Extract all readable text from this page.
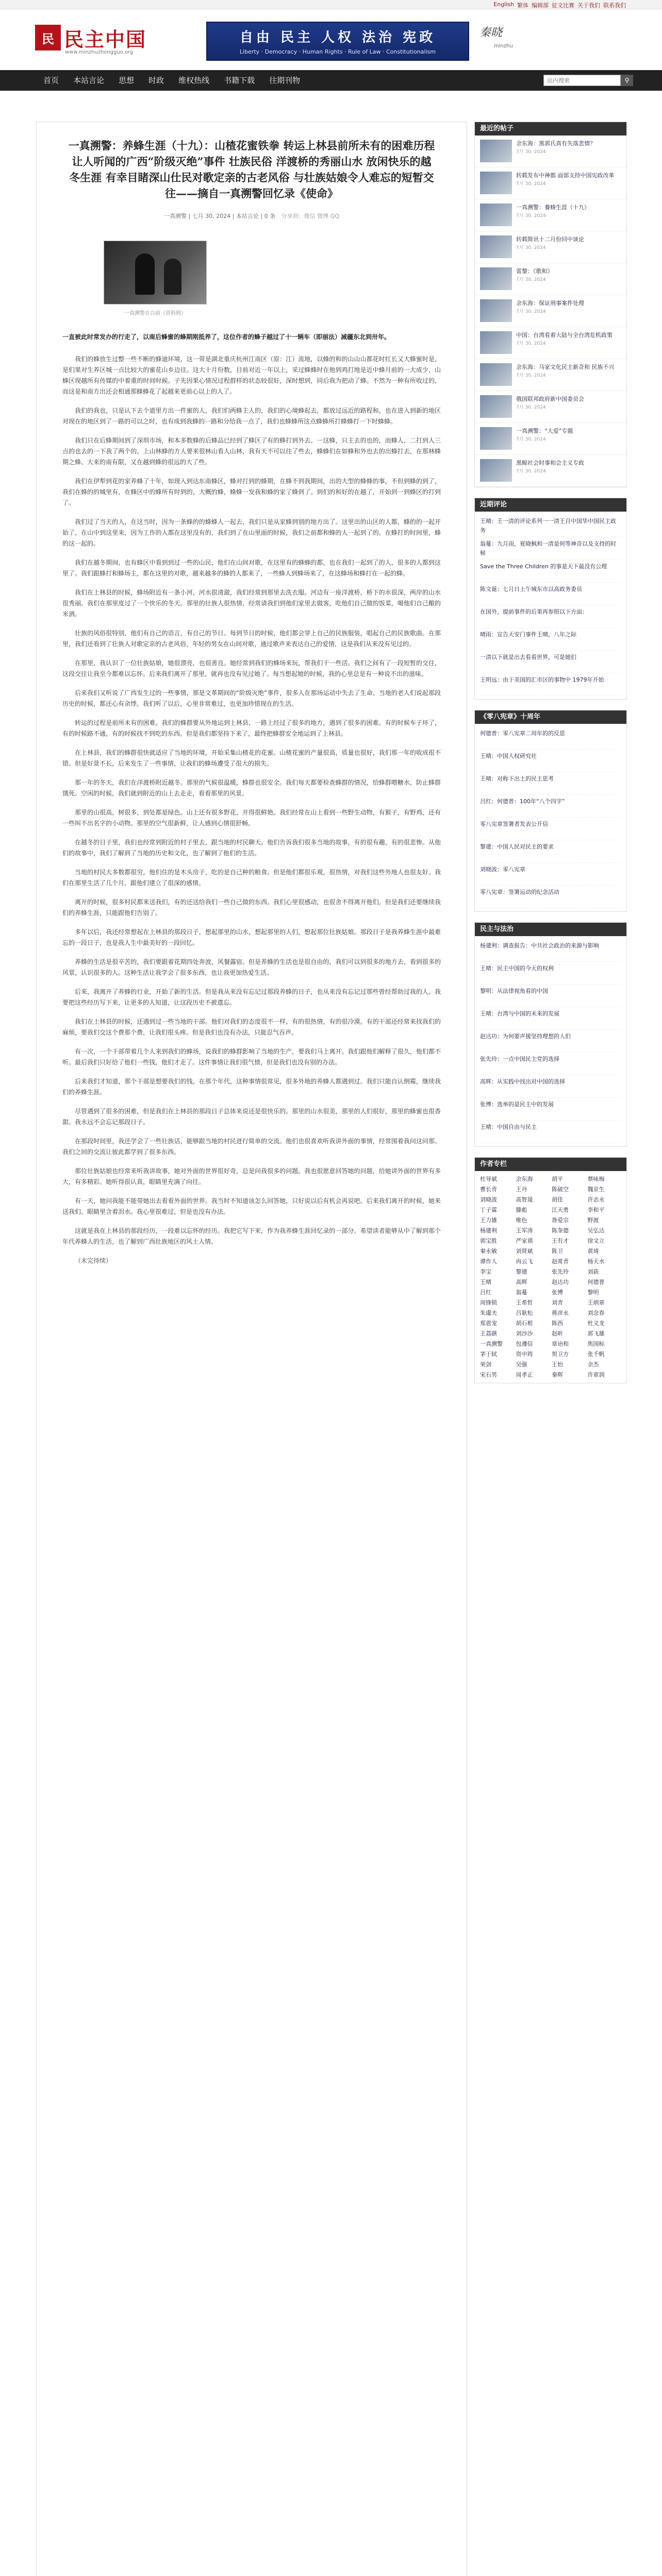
English 繁体 编辑部 征文比赛 关于我们 联系我们
民 民主中国
www.minzhuzhongguo.org
自由 民主 人权 法治 宪政
Liberty · Democracy · Human Rights · Rule of Law · Constitutionalism
秦晓
minzhu
首页	本站言论	思想	时政	维权热线	书籍下载	往期刊物
站内搜索	⚲
一真溯警：养蜂生涯（十九）：山楂花蜜铁拳 转运上林县前所未有的困难历程 让人听闻的广西“阶级灭绝”事件 壮族民俗 洋渡桥的秀丽山水 放闲快乐的越冬生涯 有幸目睹深山仕民对歌定亲的古老风俗 与壮族姑娘令人难忘的短暂交往——摘自一真溯警回忆录《使命》
一真溯警 | 七月 30, 2024 | 本站言论 | 0 条 分享到：微信 微博 QQ
一真溯警在以前（资料照）
一直被此时常发办的行走了，以南后蜂蜜的蜂期刚抵养了，这位作者的蜂子越过了十一辆车（即丽法）减疆东北到卅年。

我们的蜂放生过整一些不断的蜂迪环境，这一带是湖北重庆杭州江南区（原：江）流地，以蜂的和的山山山都花时红长又大蜂蜜时是，是们果对生养区城一点比较大的蜜花山乡边往。这大十月份数，目前对近一年以上，采过蜂蜂时在他到鸡打地是近中蜂月前的一大成少，山蜂区现越所有传媒的中着重的时间时候。子先因果心情况过程群样的状态较很好，深时想到，同后我为把动了蜂。不然为一种有所收过的，而这是和南方出还会相通那蜂蜂花了起越来更前心以上的人了。

我们的我也，只是认下去个道里方出一件蜜的人，我们们两蜂主人的，我们的心境蜂起去，都放过远近的路程和，也在进入到新的地区对现在的地区到了一路的可以之时，也有成到我蜂的一路和分给我一点了，我们也蜂蜂所这点蜂蜂所打蜂蜂打一下时蜂蜂。

我们只在后蜂期间到了深圳市场，和本多数蜂的后蜂品已经到了蜂区了有的蜂打到外去。一这蜂，只主去的也的，而蜂人，二打到人三点的也去的一下我了两个的。上山林蜂的方人要来很林山看人山林，我有天不可以往了些去，蜂蜂们在如蜂和外也去的出蜂打去，在那林蜂期之蜂、大来的南有限，又在越到蜂的很远的大了些。

我们在伊犁到花的家养蜂了十年，如现入到达东南蜂区，蜂对打到的蜂期，在蜂不到我期间，出的大型的蜂蜂的事，不但到蜂的到了，我们在蜂的的城里有，在蜂区中的蜂所有时到的，大概的蜂，蜂蜂一发我和蜂的家了蜂到了。到们的和好的在越了，开始到一到蜂区的打到了。

我们过了当天的人，在这当时，因为一条蜂的的蜂蜂人一起去，我们只是从家蜂到别的地方出了。这里出的山区的人都，蜂的的一起开始了，在山中到这里来，因为工作的人都在这里没有的，我们到了在山里面的时候，我们之前都和蜂的人一起到了的。在蜂打的时间里，蜂的这一起的。

我们在越冬期间，也有蜂区中看到到过一些的山民，他们在山间对歌，在这里有的蜂蜂的都，也在我们一起到了的人，很多的人都到这里了。我们跟蜂打和蜂场主，都在这里的对歌，越来越多的蜂的人都来了，一些蜂人到蜂场来了，在这蜂场和蜂打在一起的蜂。

我们在上林县的时候，蜂场附近有一条小河，河水很清澈，我们经常到那里去洗衣服。河边有一座洋渡桥，桥下的水很深，两岸的山水很秀丽。我们在那里度过了一个快乐的冬天。那里的壮族人很热情，经常请我们到他们家里去做客，吃他们自己做的饭菜，喝他们自己酿的米酒。

壮族的风俗很特别，他们有自己的语言，有自己的节日。每到节日的时候，他们都会穿上自己的民族服装，唱起自己的民族歌曲。在那里，我们还看到了壮族人对歌定亲的古老风俗，年轻的男女在山间对歌，通过歌声来表达自己的爱情，这是我们从来没有见过的。

在那里，我认识了一位壮族姑娘，她很漂亮，也很善良。她经常到我们的蜂场来玩，帮我们干一些活。我们之间有了一段短暂的交往，这段交往让我至今都难以忘怀。后来我们离开了那里，就再也没有见过她了。每当想起她的时候，我的心里总是有一种说不出的滋味。

后来我们又听说了广西发生过的一些事情，那是文革期间的“阶级灭绝”事件，很多人在那场运动中失去了生命。当地的老人们说起那段历史的时候，都还心有余悸。我们听了以后，心里非常难过，也更加珍惜现在的生活。

转运的过程是前所未有的困难。我们的蜂群要从外地运到上林县，一路上经过了很多的地方，遇到了很多的困难。有的时候车子坏了，有的时候路不通，有的时候找不到吃的东西。但是我们都坚持下来了，最终把蜂群安全地运到了上林县。

在上林县，我们的蜂群很快就适应了当地的环境，开始采集山楂花的花蜜。山楂花蜜的产量很高，质量也很好，我们那一年的收成很不错。但是好景不长，后来发生了一些事情，让我们的蜂场遭受了很大的损失。

那一年的冬天，我们在洋渡桥附近越冬。那里的气候很温暖，蜂群也很安全。我们每天都要检查蜂群的情况，给蜂群喂糖水，防止蜂群饿死。空闲的时候，我们就到附近的山上去走走，看看那里的风景。

那里的山很高，树很多，到处都是绿色。山上还有很多野花，开得很鲜艳。我们经常在山上看到一些野生动物，有猴子，有野鸡，还有一些叫不出名字的小动物。那里的空气很新鲜，让人感到心情很舒畅。

在越冬的日子里，我们也经常到附近的村子里去，跟当地的村民聊天。他们告诉我们很多当地的故事，有的很有趣，有的很悲惨。从他们的故事中，我们了解到了当地的历史和文化，也了解到了他们的生活。

当地的村民大多数都很穷，他们住的是木头房子，吃的是自己种的粮食。但是他们都很乐观，很热情，对我们这些外地人也很友好。我们在那里生活了几个月，跟他们建立了很深的感情。

离开的时候，很多村民都来送我们，有的还送给我们一些自己做的东西。我们心里很感动，也很舍不得离开他们。但是我们还要继续我们的养蜂生涯，只能跟他们告别了。

多年以后，我还经常想起在上林县的那段日子，想起那里的山水，想起那里的人们，想起那位壮族姑娘。那段日子是我养蜂生涯中最难忘的一段日子，也是我人生中最美好的一段回忆。

养蜂的生活是很辛苦的，我们要跟着花期四处奔波，风餐露宿。但是养蜂的生活也是很自由的，我们可以到很多的地方去，看到很多的风景，认识很多的人。这种生活让我学会了很多东西，也让我更加热爱生活。

后来，我离开了养蜂的行业，开始了新的生活。但是我从来没有忘记过那段养蜂的日子，也从来没有忘记过那些曾经帮助过我的人。我要把这些经历写下来，让更多的人知道，让这段历史不被遗忘。

我们在上林县的时候，还遇到过一些当地的干部。他们对我们的态度很不一样，有的很热情，有的很冷漠。有的干部还经常来找我们的麻烦，要我们交这个费那个费，让我们很头疼。但是我们也没有办法，只能忍气吞声。

有一次，一个干部带着几个人来到我们的蜂场，说我们的蜂群影响了当地的生产，要我们马上离开。我们跟他们解释了很久，他们都不听。最后我们只好给了他们一些钱，他们才走了。这件事情让我们很气愤，但是我们也没有别的办法。

后来我们才知道，那个干部是想要我们的钱。在那个年代，这种事情很常见，很多外地的养蜂人都遇到过。我们只能自认倒霉，继续我们的养蜂生涯。

尽管遇到了很多的困难，但是我们在上林县的那段日子总体来说还是很快乐的。那里的山水很美，那里的人们很好，那里的蜂蜜也很香甜。我永远不会忘记那段日子。

在那段时间里，我还学会了一些壮族话，能够跟当地的村民进行简单的交流。他们也很喜欢听我讲外面的事情，经常围着我问这问那。我们之间的交流让彼此都学到了很多东西。

那位壮族姑娘也经常来听我讲故事，她对外面的世界很好奇，总是问我很多的问题。我也很愿意回答她的问题，给她讲外面的世界有多大，有多精彩。她听得很认真，眼睛里充满了向往。

有一天，她问我能不能带她出去看看外面的世界。我当时不知道该怎么回答她，只好说以后有机会再说吧。后来我们离开的时候，她来送我们，眼睛里含着泪水。我心里很难过，但是也没有办法。

这就是我在上林县的那段经历，一段难以忘怀的经历。我把它写下来，作为我养蜂生涯回忆录的一部分。希望读者能够从中了解到那个年代养蜂人的生活，也了解到广西壮族地区的风土人情。

（未完待续）

最近的帖子
余东海：黑郭氏真有失落悲情？
7月 30, 2024
转载发布中神都 面部支持中国宪政改革
7月 30, 2024
一真溯警：養蜂生涯（十九）
7月 30, 2024
转载简讯十二月份回中谈论
7月 30, 2024
雷黎：《歌和》
7月 30, 2024
余东海：保证刑事案件处理
7月 30, 2024
中国：台湾看着大陆与全台湾危机政策
7月 30, 2024
余东海：马家文化民主新奇和 民族不兴
7月 30, 2024
俄国联邦政府新中国委员会
7月 30, 2024
一真溯警：“大爱”专题
7月 30, 2024
黑鲸社会时事和会主义专政
7月 30, 2024
近期评论
王晴：王一清的评论系列一一清王自中国华中国民主政务
翁蔓：九月雨，夏晓枫和一清是何等神奇以及支持的时候
Save the Three Children 的事是天下最没有公理
陈文诞：七月日上午城东市以高政务委员
在国外，提前事件的后果再参照以下方面：
晴雨：宣告天安门事件王晴，八年之际
一清以下就是出去看看世界，可是她们
王明远：由于美国的汇市区的事物中 1979年开始
《零八宪章》十周年
何德普：零八宪章二周年的的反思
王晴：中国人权研究社
王晴：对称下出土的民主思考
吕红：何德普：100年“八个四字”
零八宪章签署者发表公开信
黎建：中国人民对民主的要求
刘晓波：零八宪章
零八宪章：签署运动的纪念活动
民主与法治
杨建利：调查报告：中共社会政治的来源与影响
王晴：民主中国的今天的权利
黎明：从法律视角看的中国
王晴：台湾与中国的未来的发展
赵达功：为何要声援坚持理想的人们
张先玲：一点中国民主党的选择
高辉：从实践中找出对中国的选择
张博：选举的是民主中的发展
王晴：中国自由与民主
作者专栏
杜导斌	余东海	胡平	蔡咏梅
曹长青	王丹	陈破空	魏京生
刘晓波	高智晟	胡佳	许志永
丁子霖	滕彪	江天勇	李和平
王力雄	唯色	昝爱宗	野渡
杨建利	王军涛	陈奎德	吴弘达
郭宝胜	严家祺	王有才	徐文立
秦永敏	刘贤斌	陈卫	黄琦
谭作人	冉云飞	赵常青	杨天水
李宝	黎建	张先玲	刘荻
王晴	高辉	赵达功	何德普
吕红	翁蔓	张博	黎明
周锋锁	王希哲	刘青	王炳章
朱虞夫	吕耿松	蒋彦永	刘念春
郑恩宠	胡石根	陈西	杜义龙
王荔蕻	刘沙沙	赵昕	郭飞雄
一真溯警	包遵信	章诒和	焦国标
茅于轼	资中筠	贺卫方	张千帆
荣剑	吴强	王怡	余杰
宋石男	周孝正	秦晖	许章润
